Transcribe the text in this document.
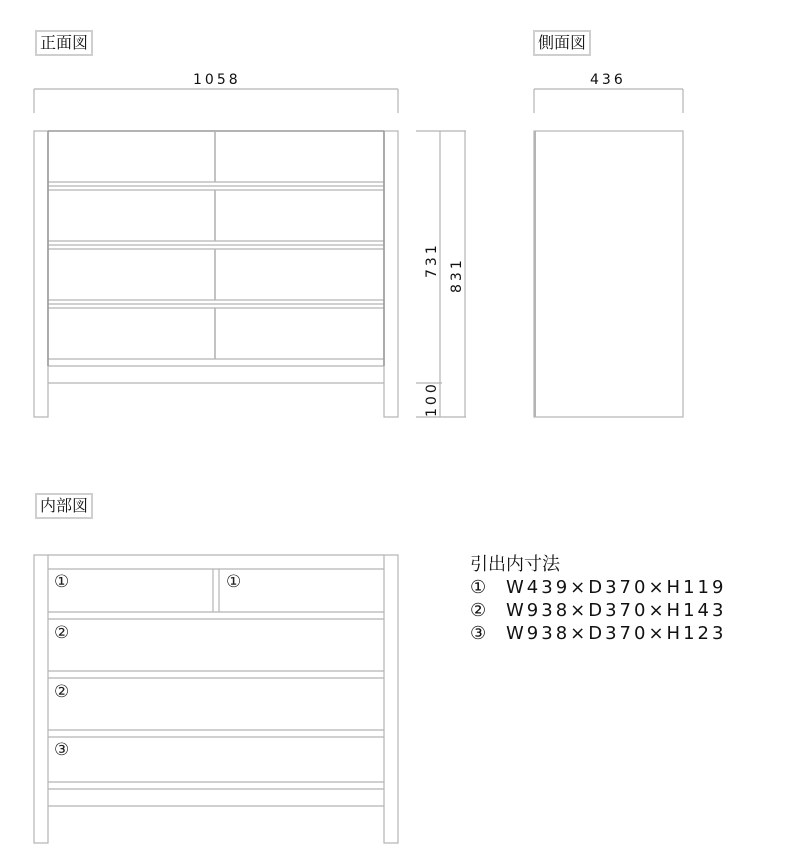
正面図	側面図
内部図
1058	436
731 831
100
①	①
②
②
③
引出内寸法
① W439×D370×H119
② W938×D370×H143
③ W938×D370×H123
